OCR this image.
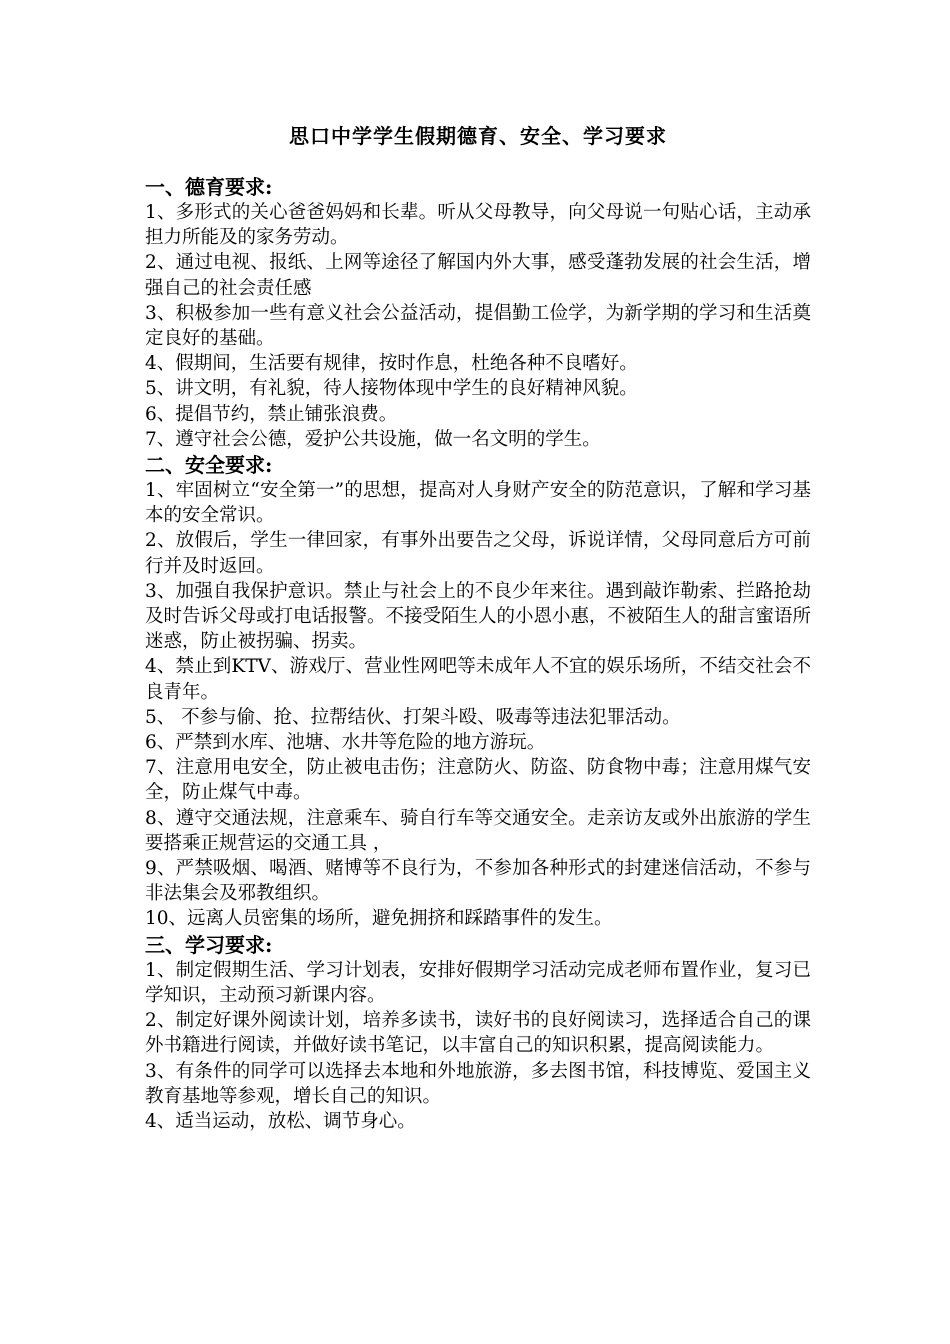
思口中学学生假期德育、安全、学习要求
一、德育要求:

1、多形式的关心爸爸妈妈和长辈。听从父母教导，向父母说一句贴心话，主动承担力所能及的家务劳动。

2、通过电视、报纸、上网等途径了解国内外大事，感受蓬勃发展的社会生活，增强自己的社会责任感

3、积极参加一些有意义社会公益活动，提倡勤工俭学，为新学期的学习和生活奠定良好的基础。

4、假期间，生活要有规律，按时作息，杜绝各种不良嗜好。

5、讲文明，有礼貌，待人接物体现中学生的良好精神风貌。

6、提倡节约，禁止铺张浪费。

7、遵守社会公德，爱护公共设施，做一名文明的学生。

二、安全要求:

1、牢固树立“安全第一”的思想，提高对人身财产安全的防范意识，了解和学习基本的安全常识。

2、放假后，学生一律回家，有事外出要告之父母，诉说详情，父母同意后方可前行并及时返回。

3、加强自我保护意识。禁止与社会上的不良少年来往。遇到敲诈勒索、拦路抢劫及时告诉父母或打电话报警。不接受陌生人的小恩小惠，不被陌生人的甜言蜜语所迷惑，防止被拐骗、拐卖。

4、禁止到KTV、游戏厅、营业性网吧等未成年人不宜的娱乐场所，不结交社会不良青年。

5、 不参与偷、抢、拉帮结伙、打架斗殴、吸毒等违法犯罪活动。

6、严禁到水库、池塘、水井等危险的地方游玩。

7、注意用电安全，防止被电击伤；注意防火、防盗、防食物中毒；注意用煤气安全，防止煤气中毒。

8、遵守交通法规，注意乘车、骑自行车等交通安全。走亲访友或外出旅游的学生要搭乘正规营运的交通工具 ，

9、严禁吸烟、喝酒、赌博等不良行为，不参加各种形式的封建迷信活动，不参与非法集会及邪教组织。

10、远离人员密集的场所，避免拥挤和踩踏事件的发生。

三、学习要求:

1、制定假期生活、学习计划表，安排好假期学习活动完成老师布置作业，复习已学知识，主动预习新课内容。

2、制定好课外阅读计划，培养多读书，读好书的良好阅读习，选择适合自己的课外书籍进行阅读，并做好读书笔记，以丰富自己的知识积累，提高阅读能力。

3、有条件的同学可以选择去本地和外地旅游，多去图书馆，科技博览、爱国主义教育基地等参观，增长自己的知识。

4、适当运动，放松、调节身心。
